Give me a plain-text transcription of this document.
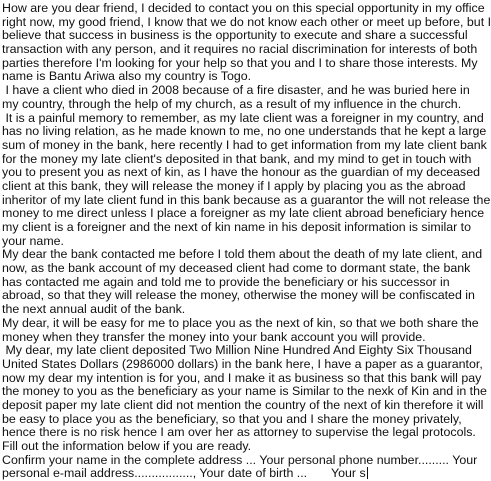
How are you dear friend, I decided to contact you on this special opportunity in my office
right now, my good friend, I know that we do not know each other or meet up before, but I
believe that success in business is the opportunity to execute and share a successful
transaction with any person, and it requires no racial discrimination for interests of both
parties therefore I'm looking for your help so that you and I to share those interests. My
name is Bantu Ariwa also my country is Togo.
I have a client who died in 2008 because of a fire disaster, and he was buried here in
my country, through the help of my church, as a result of my influence in the church.
It is a painful memory to remember, as my late client was a foreigner in my country, and
has no living relation, as he made known to me, no one understands that he kept a large
sum of money in the bank, here recently I had to get information from my late client bank
for the money my late client's deposited in that bank, and my mind to get in touch with
you to present you as next of kin, as I have the honour as the guardian of my deceased
client at this bank, they will release the money if I apply by placing you as the abroad
inheritor of my late client fund in this bank because as a guarantor the will not release the
money to me direct unless I place a foreigner as my late client abroad beneficiary hence
my client is a foreigner and the next of kin name in his deposit information is similar to
your name.
My dear the bank contacted me before I told them about the death of my late client, and
now, as the bank account of my deceased client had come to dormant state, the bank
has contacted me again and told me to provide the beneficiary or his successor in
abroad, so that they will release the money, otherwise the money will be confiscated in
the next annual audit of the bank.
My dear, it will be easy for me to place you as the next of kin, so that we both share the
money when they transfer the money into your bank account you will provide.
My dear, my late client deposited Two Million Nine Hundred And Eighty Six Thousand
United States Dollars (2986000 dollars) in the bank here, I have a paper as a guarantor,
now my dear my intention is for you, and I make it as business so that this bank will pay
the money to you as the beneficiary as your name is Similar to the nexk of Kin and in the
deposit paper my late client did not mention the country of the next of kin therefore it will
be easy to place you as the beneficiary, so that you and I share the money privately,
hence there is no risk hence I am over her as attorney to supervise the legal protocols.
Fill out the information below if you are ready.
Confirm your name in the complete address ... Your personal phone number......... Your
personal e-mail address................., Your date of birth ...       Your s
